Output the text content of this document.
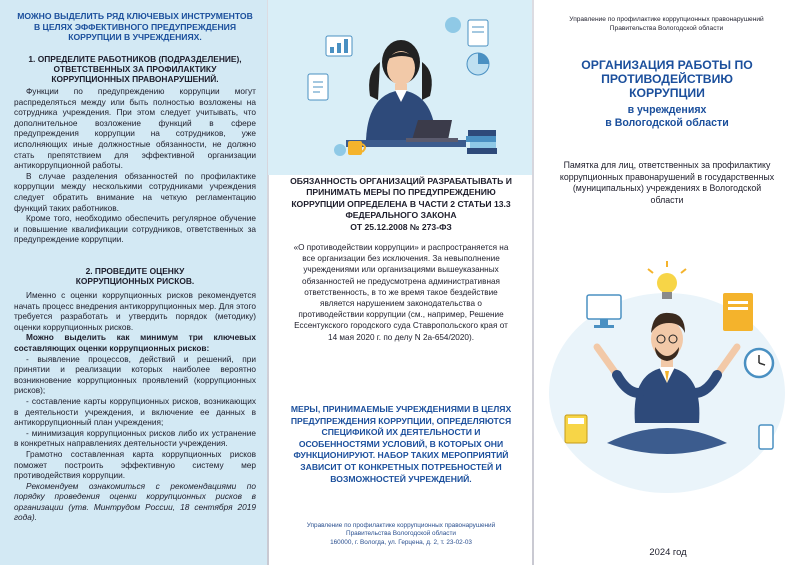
МОЖНО ВЫДЕЛИТЬ РЯД КЛЮЧЕВЫХ ИНСТРУМЕНТОВ В ЦЕЛЯХ ЭФФЕКТИВНОГО ПРЕДУПРЕЖДЕНИЯ КОРРУПЦИИ В УЧРЕЖДЕНИЯХ.
1. ОПРЕДЕЛИТЕ РАБОТНИКОВ (ПОДРАЗДЕЛЕНИЕ), ОТВЕТСТВЕННЫХ ЗА ПРОФИЛАКТИКУ КОРРУПЦИОННЫХ ПРАВОНАРУШЕНИЙ.

Функции по предупреждению коррупции могут распределяться между или быть полностью возложены на сотрудника учреждения. При этом следует учитывать, что дополнительное возложение функций в сфере предупреждения коррупции на сотрудников, уже исполняющих иные должностные обязанности, не должно стать препятствием для эффективной организации антикоррупционной работы.

В случае разделения обязанностей по профилактике коррупции между несколькими сотрудниками учреждения следует обратить внимание на четкую регламентацию функций таких работников.

Кроме того, необходимо обеспечить регулярное обучение и повышение квалификации сотрудников, ответственных за предупреждение коррупции.

2. ПРОВЕДИТЕ ОЦЕНКУ КОРРУПЦИОННЫХ РИСКОВ.

Именно с оценки коррупционных рисков рекомендуется начать процесс внедрения антикоррупционных мер. Для этого требуется разработать и утвердить порядок (методику) оценки коррупционных рисков.

Можно выделить как минимум три ключевых составляющих оценки коррупционных рисков:

- выявление процессов, действий и решений, при принятии и реализации которых наиболее вероятно возникновение коррупционных проявлений (коррупционных рисков);

- составление карты коррупционных рисков, возникающих в деятельности учреждения, и включение ее данных в антикоррупционный план учреждения;

- минимизация коррупционных рисков либо их устранение в конкретных направлениях деятельности учреждения.

Грамотно составленная карта коррупционных рисков поможет построить эффективную систему мер противодействия коррупции.

Рекомендуем ознакомиться с рекомендациями по порядку проведения оценки коррупционных рисков в организации (утв. Минтрудом России, 18 сентября 2019 года).

ОБЯЗАННОСТЬ ОРГАНИЗАЦИЙ РАЗРАБАТЫВАТЬ И ПРИНИМАТЬ МЕРЫ ПО ПРЕДУПРЕЖДЕНИЮ КОРРУПЦИИ ОПРЕДЕЛЕНА В ЧАСТИ 2 СТАТЬИ 13.3 ФЕДЕРАЛЬНОГО ЗАКОНА
ОТ 25.12.2008 № 273-ФЗ
«О противодействии коррупции» и распространяется на все организации без исключения. За невыполнение учреждениями или организациями вышеуказанных обязанностей не предусмотрена административная ответственность, в то же время такое бездействие является нарушением законодательства о противодействии коррупции (см., например, Решение Ессентукского городского суда Ставропольского края от 14 мая 2020 г. по делу N 2а-654/2020).
МЕРЫ, ПРИНИМАЕМЫЕ УЧРЕЖДЕНИЯМИ В ЦЕЛЯХ ПРЕДУПРЕЖДЕНИЯ КОРРУПЦИИ, ОПРЕДЕЛЯЮТСЯ СПЕЦИФИКОЙ ИХ ДЕЯТЕЛЬНОСТИ И ОСОБЕННОСТЯМИ УСЛОВИЙ, В КОТОРЫХ ОНИ ФУНКЦИОНИРУЮТ. НАБОР ТАКИХ МЕРОПРИЯТИЙ ЗАВИСИТ ОТ КОНКРЕТНЫХ ПОТРЕБНОСТЕЙ И ВОЗМОЖНОСТЕЙ УЧРЕЖДЕНИЙ.
Управление по профилактике коррупционных правонарушений
Правительства Вологодской области
160000, г. Вологда, ул. Герцена, д. 2, т. 23-02-03
Управление по профилактике коррупционных правонарушений
Правительства Вологодской области
ОРГАНИЗАЦИЯ РАБОТЫ ПО ПРОТИВОДЕЙСТВИЮ КОРРУПЦИИ
в учреждениях
в Вологодской области
Памятка для лиц, ответственных за профилактику коррупционных правонарушений в государственных (муниципальных) учреждениях в Вологодской области
2024 год
